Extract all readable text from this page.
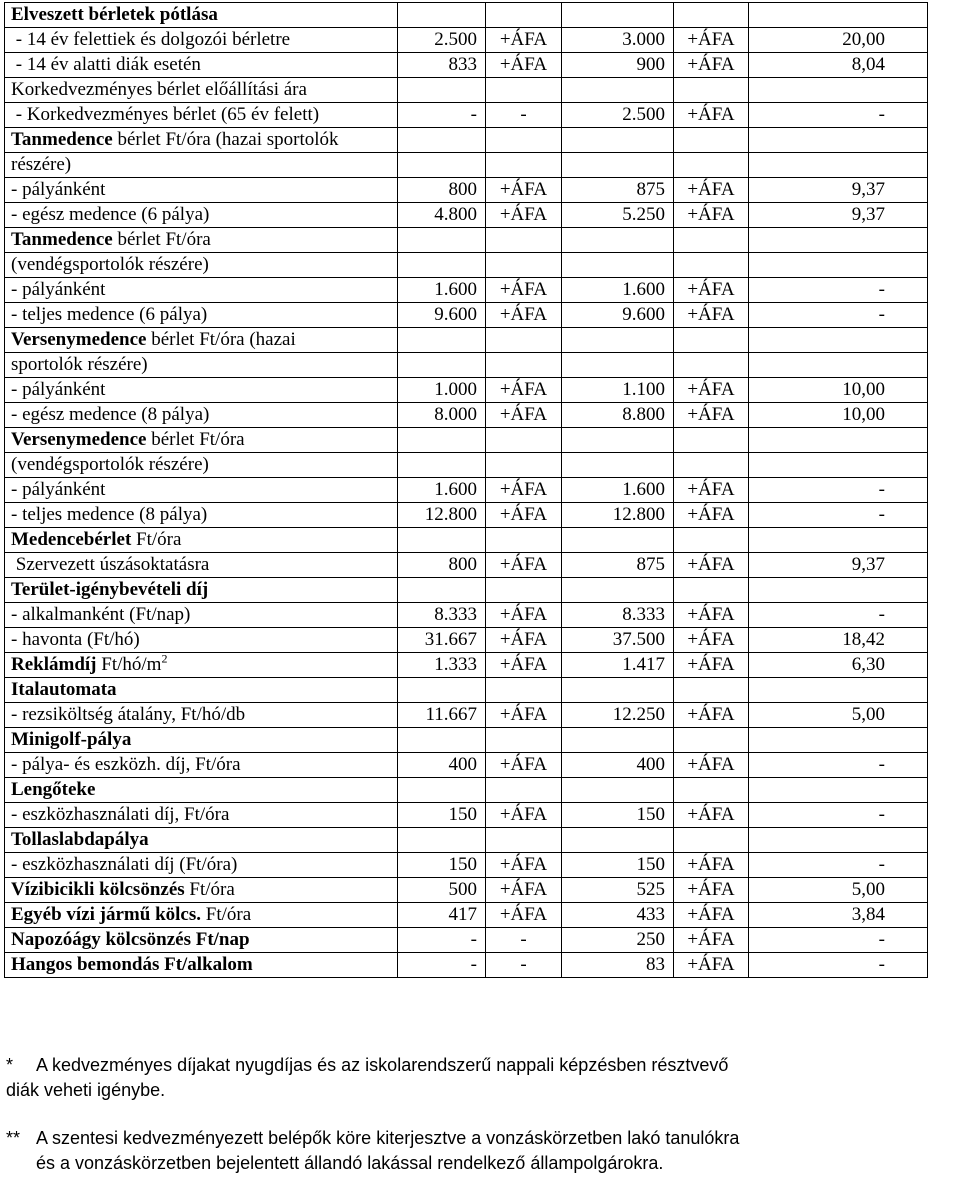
Elveszett bérletek pótlása					
- 14 év felettiek és dolgozói bérletre	2.500	+ÁFA	3.000	+ÁFA	20,00
- 14 év alatti diák esetén	833	+ÁFA	900	+ÁFA	8,04
Korkedvezményes bérlet előállítási ára					
- Korkedvezményes bérlet (65 év felett)	-	-	2.500	+ÁFA	-
Tanmedence bérlet Ft/óra (hazai sportolók					
részére)					
- pályánként	800	+ÁFA	875	+ÁFA	9,37
- egész medence (6 pálya)	4.800	+ÁFA	5.250	+ÁFA	9,37
Tanmedence bérlet Ft/óra					
(vendégsportolók részére)					
- pályánként	1.600	+ÁFA	1.600	+ÁFA	-
- teljes medence (6 pálya)	9.600	+ÁFA	9.600	+ÁFA	-
Versenymedence bérlet Ft/óra (hazai					
sportolók részére)					
- pályánként	1.000	+ÁFA	1.100	+ÁFA	10,00
- egész medence (8 pálya)	8.000	+ÁFA	8.800	+ÁFA	10,00
Versenymedence bérlet Ft/óra					
(vendégsportolók részére)					
- pályánként	1.600	+ÁFA	1.600	+ÁFA	-
- teljes medence (8 pálya)	12.800	+ÁFA	12.800	+ÁFA	-
Medencebérlet Ft/óra					
Szervezett úszásoktatásra	800	+ÁFA	875	+ÁFA	9,37
Terület-igénybevételi díj					
- alkalmanként (Ft/nap)	8.333	+ÁFA	8.333	+ÁFA	-
- havonta (Ft/hó)	31.667	+ÁFA	37.500	+ÁFA	18,42
Reklámdíj $Ft/hó/m^2$	1.333	+ÁFA	1.417	+ÁFA	6,30
Italautomata					
- rezsiköltség átalány, Ft/hó/db	11.667	+ÁFA	12.250	+ÁFA	5,00
Minigolf-pálya					
- pálya- és eszközh. díj, Ft/óra	400	+ÁFA	400	+ÁFA	-
Lengőteke					
- eszközhasználati díj, Ft/óra	150	+ÁFA	150	+ÁFA	-
Tollaslabdapálya					
- eszközhasználati díj (Ft/óra)	150	+ÁFA	150	+ÁFA	-
Vízibicikli kölcsönzés Ft/óra	500	+ÁFA	525	+ÁFA	5,00
Egyéb vízi jármű kölcs. Ft/óra	417	+ÁFA	433	+ÁFA	3,84
Napozóágy kölcsönzés Ft/nap	-	-	250	+ÁFA	-
Hangos bemondás Ft/alkalom	-	-	83	+ÁFA	-
* A kedvezményes díjakat nyugdíjas és az iskolarendszerű nappali képzésben résztvevő
diák veheti igénybe.
** A szentesi kedvezményezett belépők köre kiterjesztve a vonzáskörzetben lakó tanulókra
és a vonzáskörzetben bejelentett állandó lakással rendelkező állampolgárokra.
